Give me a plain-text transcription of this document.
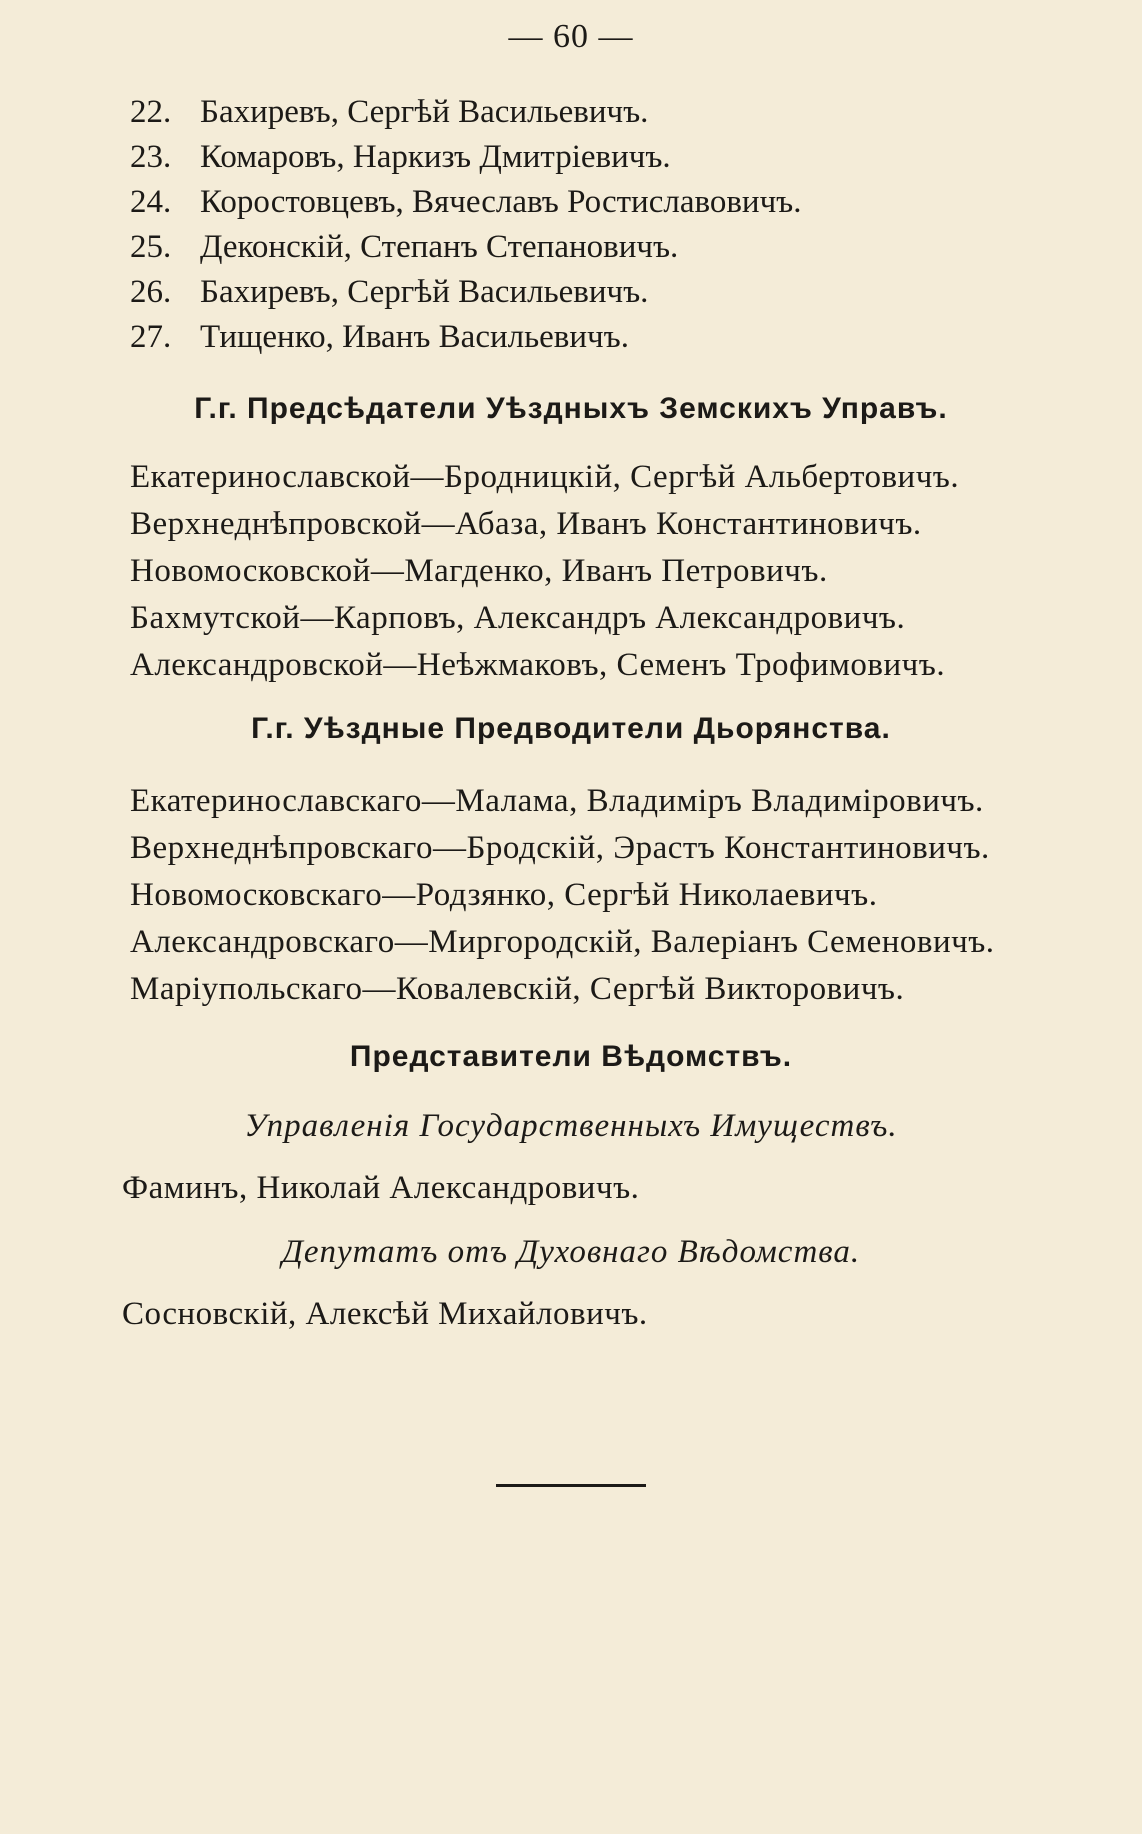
— 60 —
22. Бахиревъ, Сергѣй Васильевичъ.
23. Комаровъ, Наркизъ Дмитріевичъ.
24. Коростовцевъ, Вячеславъ Ростиславовичъ.
25. Деконскій, Степанъ Степановичъ.
26. Бахиревъ, Сергѣй Васильевичъ.
27. Тищенко, Иванъ Васильевичъ.
Г.г. Предсѣдатели Уѣздныхъ Земскихъ Управъ.
Екатеринославской—Бродницкій, Сергѣй Альбертовичъ.
Верхнеднѣпровской—Абаза, Иванъ Константиновичъ.
Новомосковской—Магденко, Иванъ Петровичъ.
Бахмутской—Карповъ, Александръ Александровичъ.
Александровской—Неѣжмаковъ, Семенъ Трофимовичъ.
Г.г. Уѣздные Предводители Дьорянства.
Екатеринославскаго—Малама, Владиміръ Владиміровичъ.
Верхнеднѣпровскаго—Бродскій, Эрастъ Константиновичъ.
Новомосковскаго—Родзянко, Сергѣй Николаевичъ.
Александровскаго—Миргородскій, Валеріанъ Семеновичъ.
Маріупольскаго—Ковалевскій, Сергѣй Викторовичъ.
Представители Вѣдомствъ.
Управленія Государственныхъ Имуществъ.
Фаминъ, Николай Александровичъ.
Депутатъ отъ Духовнаго Вѣдомства.
Сосновскій, Алексѣй Михайловичъ.
